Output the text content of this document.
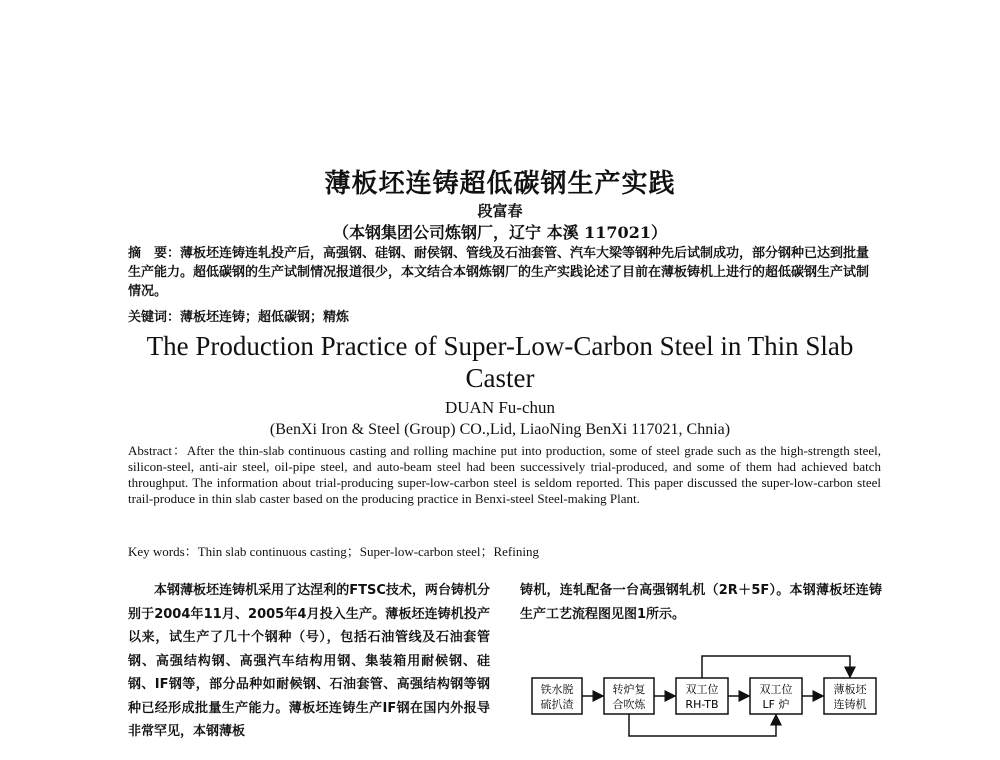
薄板坯连铸超低碳钢生产实践
段富春
（本钢集团公司炼钢厂，辽宁 本溪 117021）
摘　要：薄板坯连铸连轧投产后，高强钢、硅钢、耐侯钢、管线及石油套管、汽车大梁等钢种先后试制成功，部分钢种已达到批量生产能力。超低碳钢的生产试制情况报道很少，本文结合本钢炼钢厂的生产实践论述了目前在薄板铸机上进行的超低碳钢生产试制情况。
关键词：薄板坯连铸；超低碳钢；精炼
The Production Practice of Super-Low-Carbon Steel in Thin Slab Caster
DUAN Fu-chun
(BenXi Iron & Steel (Group) CO.,Lid, LiaoNing BenXi 117021, Chnia)
Abstract：After the thin-slab continuous casting and rolling machine put into production, some of steel grade such as the high-strength steel, silicon-steel, anti-air steel, oil-pipe steel, and auto-beam steel had been successively trial-produced, and some of them had achieved batch throughput. The information about trial-producing super-low-carbon steel is seldom reported. This paper discussed the super-low-carbon steel trail-produce in thin slab caster based on the producing practice in Benxi-steel Steel-making Plant.
Key words：Thin slab continuous casting；Super-low-carbon steel；Refining
本钢薄板坯连铸机采用了达涅利的FTSC技术，两台铸机分别于2004年11月、2005年4月投入生产。薄板坯连铸机投产以来，试生产了几十个钢种（号），包括石油管线及石油套管钢、高强结构钢、高强汽车结构用钢、集装箱用耐候钢、硅钢、IF钢等，部分品种如耐候钢、石油套管、高强结构钢等钢种已经形成批量生产能力。薄板坯连铸生产IF钢在国内外报导非常罕见，本钢薄板
铸机，连轧配备一台高强钢轧机（2R＋5F）。本钢薄板坯连铸生产工艺流程图见图1所示。
铁水脱
硫扒渣
转炉复
合吹炼
双工位
RH-TB
双工位
LF 炉
薄板坯
连铸机
